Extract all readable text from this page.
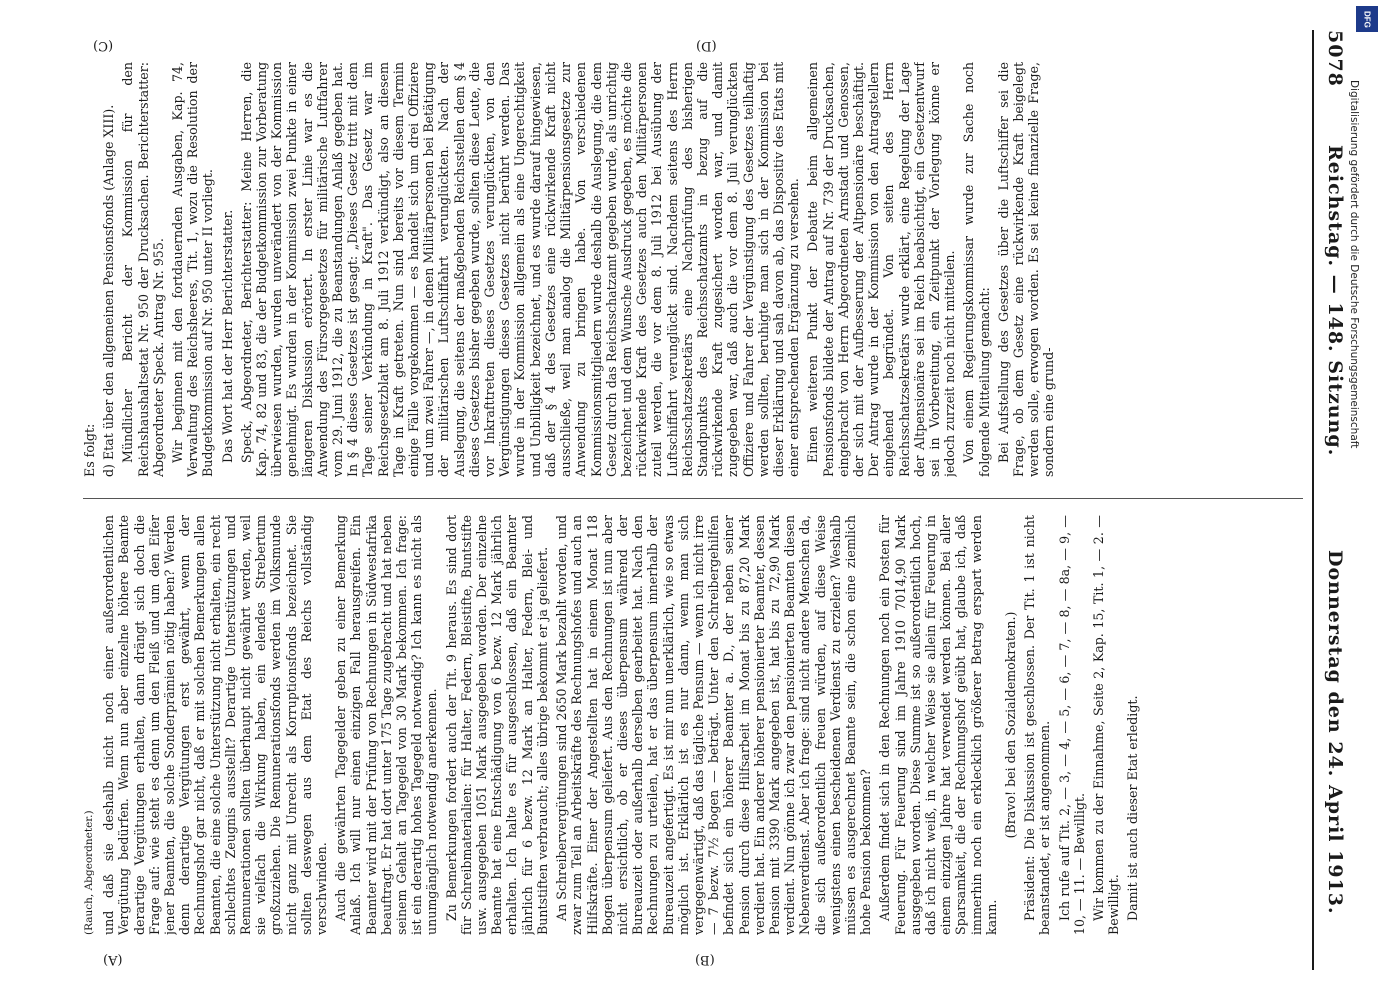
5078
Reichstag. — 148. Sitzung.
Donnerstag den 24. April 1913.

(Rauch, Abgeordneter.) und daß sie deshalb nicht noch einer außerordentlichen Vergütung bedürfen. Wenn nun aber einzelne höhere Beamte derartige Vergütungen erhalten, dann drängt sich doch die Frage auf: wie steht es denn um den Fleiß und um den Eifer jener Beamten, die solche Sonderprämien nötig haben? Werden denn derartige Vergütungen erst gewährt, wenn der Rechnungshof gar nicht, daß er mit solchen Bemerkungen allen Beamten, die eine solche Unterstützung nicht erhalten, ein recht schlechtes Zeugnis ausstellt? Derartige Unterstützungen und Remunerationen sollten überhaupt nicht gewährt werden, weil sie vielfach die Wirkung haben, ein elendes Strebertum großzuziehen. Die Remunerationsfonds werden im Volksmunde nicht ganz mit Unrecht als Korruptionsfonds bezeichnet. Sie sollten deswegen aus dem Etat des Reichs vollständig verschwinden. Auch die gewährten Tagegelder geben zu einer Bemerkung Anlaß. Ich will nur einen einzigen Fall herausgreifen. Ein Beamter wird mit der Prüfung von Rechnungen in Südwestafrika beauftragt. Er hat dort unter 175 Tage zugebracht und hat neben seinem Gehalt an Tagegeld von 30 Mark bekommen. Ich frage: ist ein derartig hohes Tagegeld notwendig? Ich kann es nicht als unumgänglich notwendig anerkennen. Zu Bemerkungen fordert auch der Tit. 9 heraus. Es sind dort für Schreibmaterialien: für Halter, Federn, Bleistifte, Buntstifte usw. ausgegeben 1051 Mark ausgegeben worden. Der einzelne Beamte hat eine Entschädigung von 6 bezw. 12 Mark jährlich erhalten. Ich halte es für ausgeschlossen, daß ein Beamter jährlich für 6 bezw. 12 Mark an Halter, Federn, Blei- und Buntstiften verbraucht; alles übrige bekommt er ja geliefert. An Schreibervergütungen sind 2650 Mark bezahlt worden, und zwar zum Teil an Arbeitskräfte des Rechnungshofes und auch an Hilfskräfte. Einer der Angestellten hat in einem Monat 118 Bogen überpensum geliefert. Aus den Rechnungen ist nun aber nicht ersichtlich, ob er dieses überpensum während der Bureauzeit oder außerhalb derselben gearbeitet hat. Nach den Rechnungen zu urteilen, hat er das überpensum innerhalb der Bureauzeit angefertigt. Es ist mir nun unerklärlich, wie so etwas möglich ist. Erklärlich ist es nur dann, wenn man sich vergegenwärtigt, daß das tägliche Pensum — wenn ich nicht irre — 7 bezw. 7½ Bogen — beträgt. Unter den Schreibergehilfen befindet sich ein höherer Beamter a. D., der neben seiner Pension durch diese Hilfsarbeit im Monat bis zu 87,20 Mark verdient hat. Ein anderer höherer pensionierter Beamter, dessen Pension mit 3390 Mark angegeben ist, hat bis zu 72,90 Mark verdient. Nun gönne ich zwar den pensionierten Beamten diesen Nebenverdienst. Aber ich frage: sind nicht andere Menschen da, die sich außerordentlich freuen würden, auf diese Weise wenigstens einen bescheidenen Verdienst zu erzielen? Weshalb müssen es ausgerechnet Beamte sein, die schon eine ziemlich hohe Pension bekommen? Außerdem findet sich in den Rechnungen noch ein Posten für Feuerung. Für Feuerung sind im Jahre 1910 7014,90 Mark ausgegeben worden. Diese Summe ist so außerordentlich hoch, daß ich nicht weiß, in welcher Weise sie allein für Feuerung in einem einzigen Jahre hat verwendet werden können. Bei aller Sparsamkeit, die der Rechnungshof geübt hat, glaube ich, daß immerhin noch ein erklecklich größerer Betrag erspart werden kann.

(Bravo! bei den Sozialdemokraten.) Präsident: Die Diskussion ist geschlossen. Der Tit. 1 ist nicht beanstandet, er ist angenommen. Ich rufe auf Tit. 2, — 3, — 4, — 5, — 6, — 7, — 8, — 8a, — 9, — 10, — 11. — Bewilligt. Wir kommen zu der Einnahme, Seite 2, Kap. 15, Tit. 1, — 2. — Bewilligt. Damit ist auch dieser Etat erledigt.

Es folgt: d) Etat über den allgemeinen Pensionsfonds (Anlage XIII). Mündlicher Bericht der Kommission für den Reichshaushaltsetat Nr. 950 der Drucksachen. Berichterstatter: Abgeordneter Speck. Antrag Nr. 955. Wir beginnen mit den fortdauernden Ausgaben, Kap. 74, Verwaltung des Reichsheeres, Tit. 1, wozu die Resolution der Budgetkommission auf Nr. 950 unter II vorliegt. Das Wort hat der Herr Berichterstatter. Speck, Abgeordneter, Berichterstatter: Meine Herren, die Kap. 74, 82 und 83, die der Budgetkommission zur Vorberatung überwiesen wurden, wurden unverändert von der Kommission genehmigt. Es wurden in der Kommission zwei Punkte in einer längeren Diskussion erörtert. In erster Linie war es die Anwendung des Fürsorgegesetzes für militärische Luftfahrer vom 29. Juni 1912, die zu Beanstandungen Anlaß gegeben hat. In § 4 dieses Gesetzes ist gesagt: „Dieses Gesetz tritt mit dem Tage seiner Verkündung in Kraft". Das Gesetz war im Reichsgesetzblatt am 8. Juli 1912 verkündigt, also an diesem Tage in Kraft getreten. Nun sind bereits vor diesem Termin einige Fälle vorgekommen — es handelt sich um drei Offiziere und um zwei Fahrer —, in denen Militärpersonen bei Betätigung der militärischen Luftschiffahrt verunglückten. Nach der Auslegung, die seitens der maßgebenden Reichsstellen dem § 4 dieses Gesetzes bisher gegeben wurde, sollten diese Leute, die vor Inkrafttreten dieses Gesetzes verunglückten, von den Vergünstigungen dieses Gesetzes nicht berührt werden. Das wurde in der Kommission allgemein als eine Ungerechtigkeit und Unbilligkeit bezeichnet, und es wurde darauf hingewiesen, daß der § 4 des Gesetzes eine rückwirkende Kraft nicht ausschließe, weil man analog die Militärpensionsgesetze zur Anwendung zu bringen habe. Von verschiedenen Kommissionsmitgliedern wurde deshalb die Auslegung, die dem Gesetz durch das Reichsschatzamt gegeben wurde, als unrichtig bezeichnet und dem Wunsche Ausdruck gegeben, es möchte die rückwirkende Kraft des Gesetzes auch den Militärpersonen zuteil werden, die vor dem 8. Juli 1912 bei Ausübung der Luftschiffahrt verunglückt sind. Nachdem seitens des Herrn Reichsschatzsekretärs eine Nachprüfung des bisherigen Standpunkts des Reichsschatzamts in bezug auf die rückwirkende Kraft zugesichert worden war, und damit zugegeben war, daß auch die vor dem 8. Juli verunglückten Offiziere und Fahrer der Vergünstigung des Gesetzes teilhaftig werden sollten, beruhigte man sich in der Kommission bei dieser Erklärung und sah davon ab, das Dispositiv des Etats mit einer entsprechenden Ergänzung zu versehen. Einen weiteren Punkt der Debatte beim allgemeinen Pensionsfonds bildete der Antrag auf Nr. 739 der Drucksachen, eingebracht von Herrn Abgeordneten Arnstadt und Genossen, der sich mit der Aufbesserung der Altpensionäre beschäftigt. Der Antrag wurde in der Kommission von den Antragstellern eingehend begründet. Von seiten des Herrn Reichsschatzsekretärs wurde erklärt, eine Regelung der Lage der Altpensionäre sei im Reich beabsichtigt, ein Gesetzentwurf sei in Vorbereitung, ein Zeitpunkt der Vorlegung könne er jedoch zurzeit noch nicht mitteilen. Von einem Regierungskommissar wurde zur Sache noch folgende Mitteilung gemacht: Bei Aufstellung des Gesetzes über die Luftschiffer sei die Frage, ob dem Gesetz eine rückwirkende Kraft beigelegt werden solle, erwogen worden. Es sei keine finanzielle Frage, sondern eine grund-

(A)	(B)
(C)	(D)
Digitalisierung gefördert durch die Deutsche Forschungsgemeinschaft
DFG
